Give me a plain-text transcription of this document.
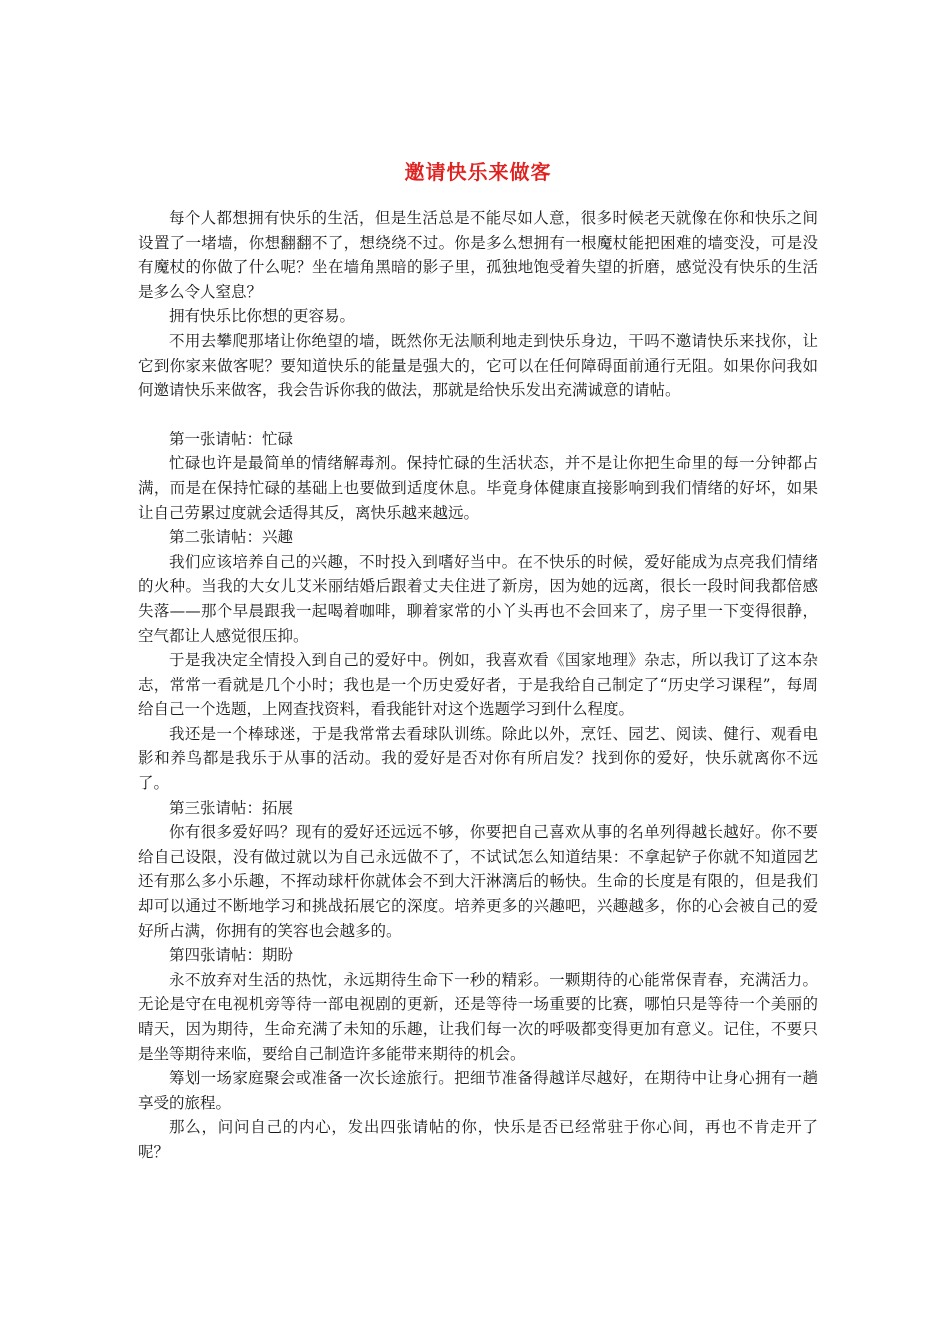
邀请快乐来做客

每个人都想拥有快乐的生活，但是生活总是不能尽如人意，很多时候老天就像在你和快乐之间设置了一堵墙，你想翻翻不了，想绕绕不过。你是多么想拥有一根魔杖能把困难的墙变没，可是没有魔杖的你做了什么呢？坐在墙角黑暗的影子里，孤独地饱受着失望的折磨，感觉没有快乐的生活是多么令人窒息？

拥有快乐比你想的更容易。

不用去攀爬那堵让你绝望的墙，既然你无法顺利地走到快乐身边，干吗不邀请快乐来找你，让它到你家来做客呢？要知道快乐的能量是强大的，它可以在任何障碍面前通行无阻。如果你问我如何邀请快乐来做客，我会告诉你我的做法，那就是给快乐发出充满诚意的请帖。

第一张请帖：忙碌

忙碌也许是最简单的情绪解毒剂。保持忙碌的生活状态，并不是让你把生命里的每一分钟都占满，而是在保持忙碌的基础上也要做到适度休息。毕竟身体健康直接影响到我们情绪的好坏，如果让自己劳累过度就会适得其反，离快乐越来越远。

第二张请帖：兴趣

我们应该培养自己的兴趣，不时投入到嗜好当中。在不快乐的时候，爱好能成为点亮我们情绪的火种。当我的大女儿艾米丽结婚后跟着丈夫住进了新房，因为她的远离，很长一段时间我都倍感失落——那个早晨跟我一起喝着咖啡，聊着家常的小丫头再也不会回来了，房子里一下变得很静，空气都让人感觉很压抑。

于是我决定全情投入到自己的爱好中。例如，我喜欢看《国家地理》杂志，所以我订了这本杂志，常常一看就是几个小时；我也是一个历史爱好者，于是我给自己制定了“历史学习课程”，每周给自己一个选题，上网查找资料，看我能针对这个选题学习到什么程度。

我还是一个棒球迷，于是我常常去看球队训练。除此以外，烹饪、园艺、阅读、健行、观看电影和养鸟都是我乐于从事的活动。我的爱好是否对你有所启发？找到你的爱好，快乐就离你不远了。

第三张请帖：拓展

你有很多爱好吗？现有的爱好还远远不够，你要把自己喜欢从事的名单列得越长越好。你不要给自己设限，没有做过就以为自己永远做不了，不试试怎么知道结果：不拿起铲子你就不知道园艺还有那么多小乐趣，不挥动球杆你就体会不到大汗淋漓后的畅快。生命的长度是有限的，但是我们却可以通过不断地学习和挑战拓展它的深度。培养更多的兴趣吧，兴趣越多，你的心会被自己的爱好所占满，你拥有的笑容也会越多的。

第四张请帖：期盼

永不放弃对生活的热忱，永远期待生命下一秒的精彩。一颗期待的心能常保青春，充满活力。无论是守在电视机旁等待一部电视剧的更新，还是等待一场重要的比赛，哪怕只是等待一个美丽的晴天，因为期待，生命充满了未知的乐趣，让我们每一次的呼吸都变得更加有意义。记住，不要只是坐等期待来临，要给自己制造许多能带来期待的机会。

筹划一场家庭聚会或准备一次长途旅行。把细节准备得越详尽越好，在期待中让身心拥有一趟享受的旅程。

那么，问问自己的内心，发出四张请帖的你，快乐是否已经常驻于你心间，再也不肯走开了呢？
